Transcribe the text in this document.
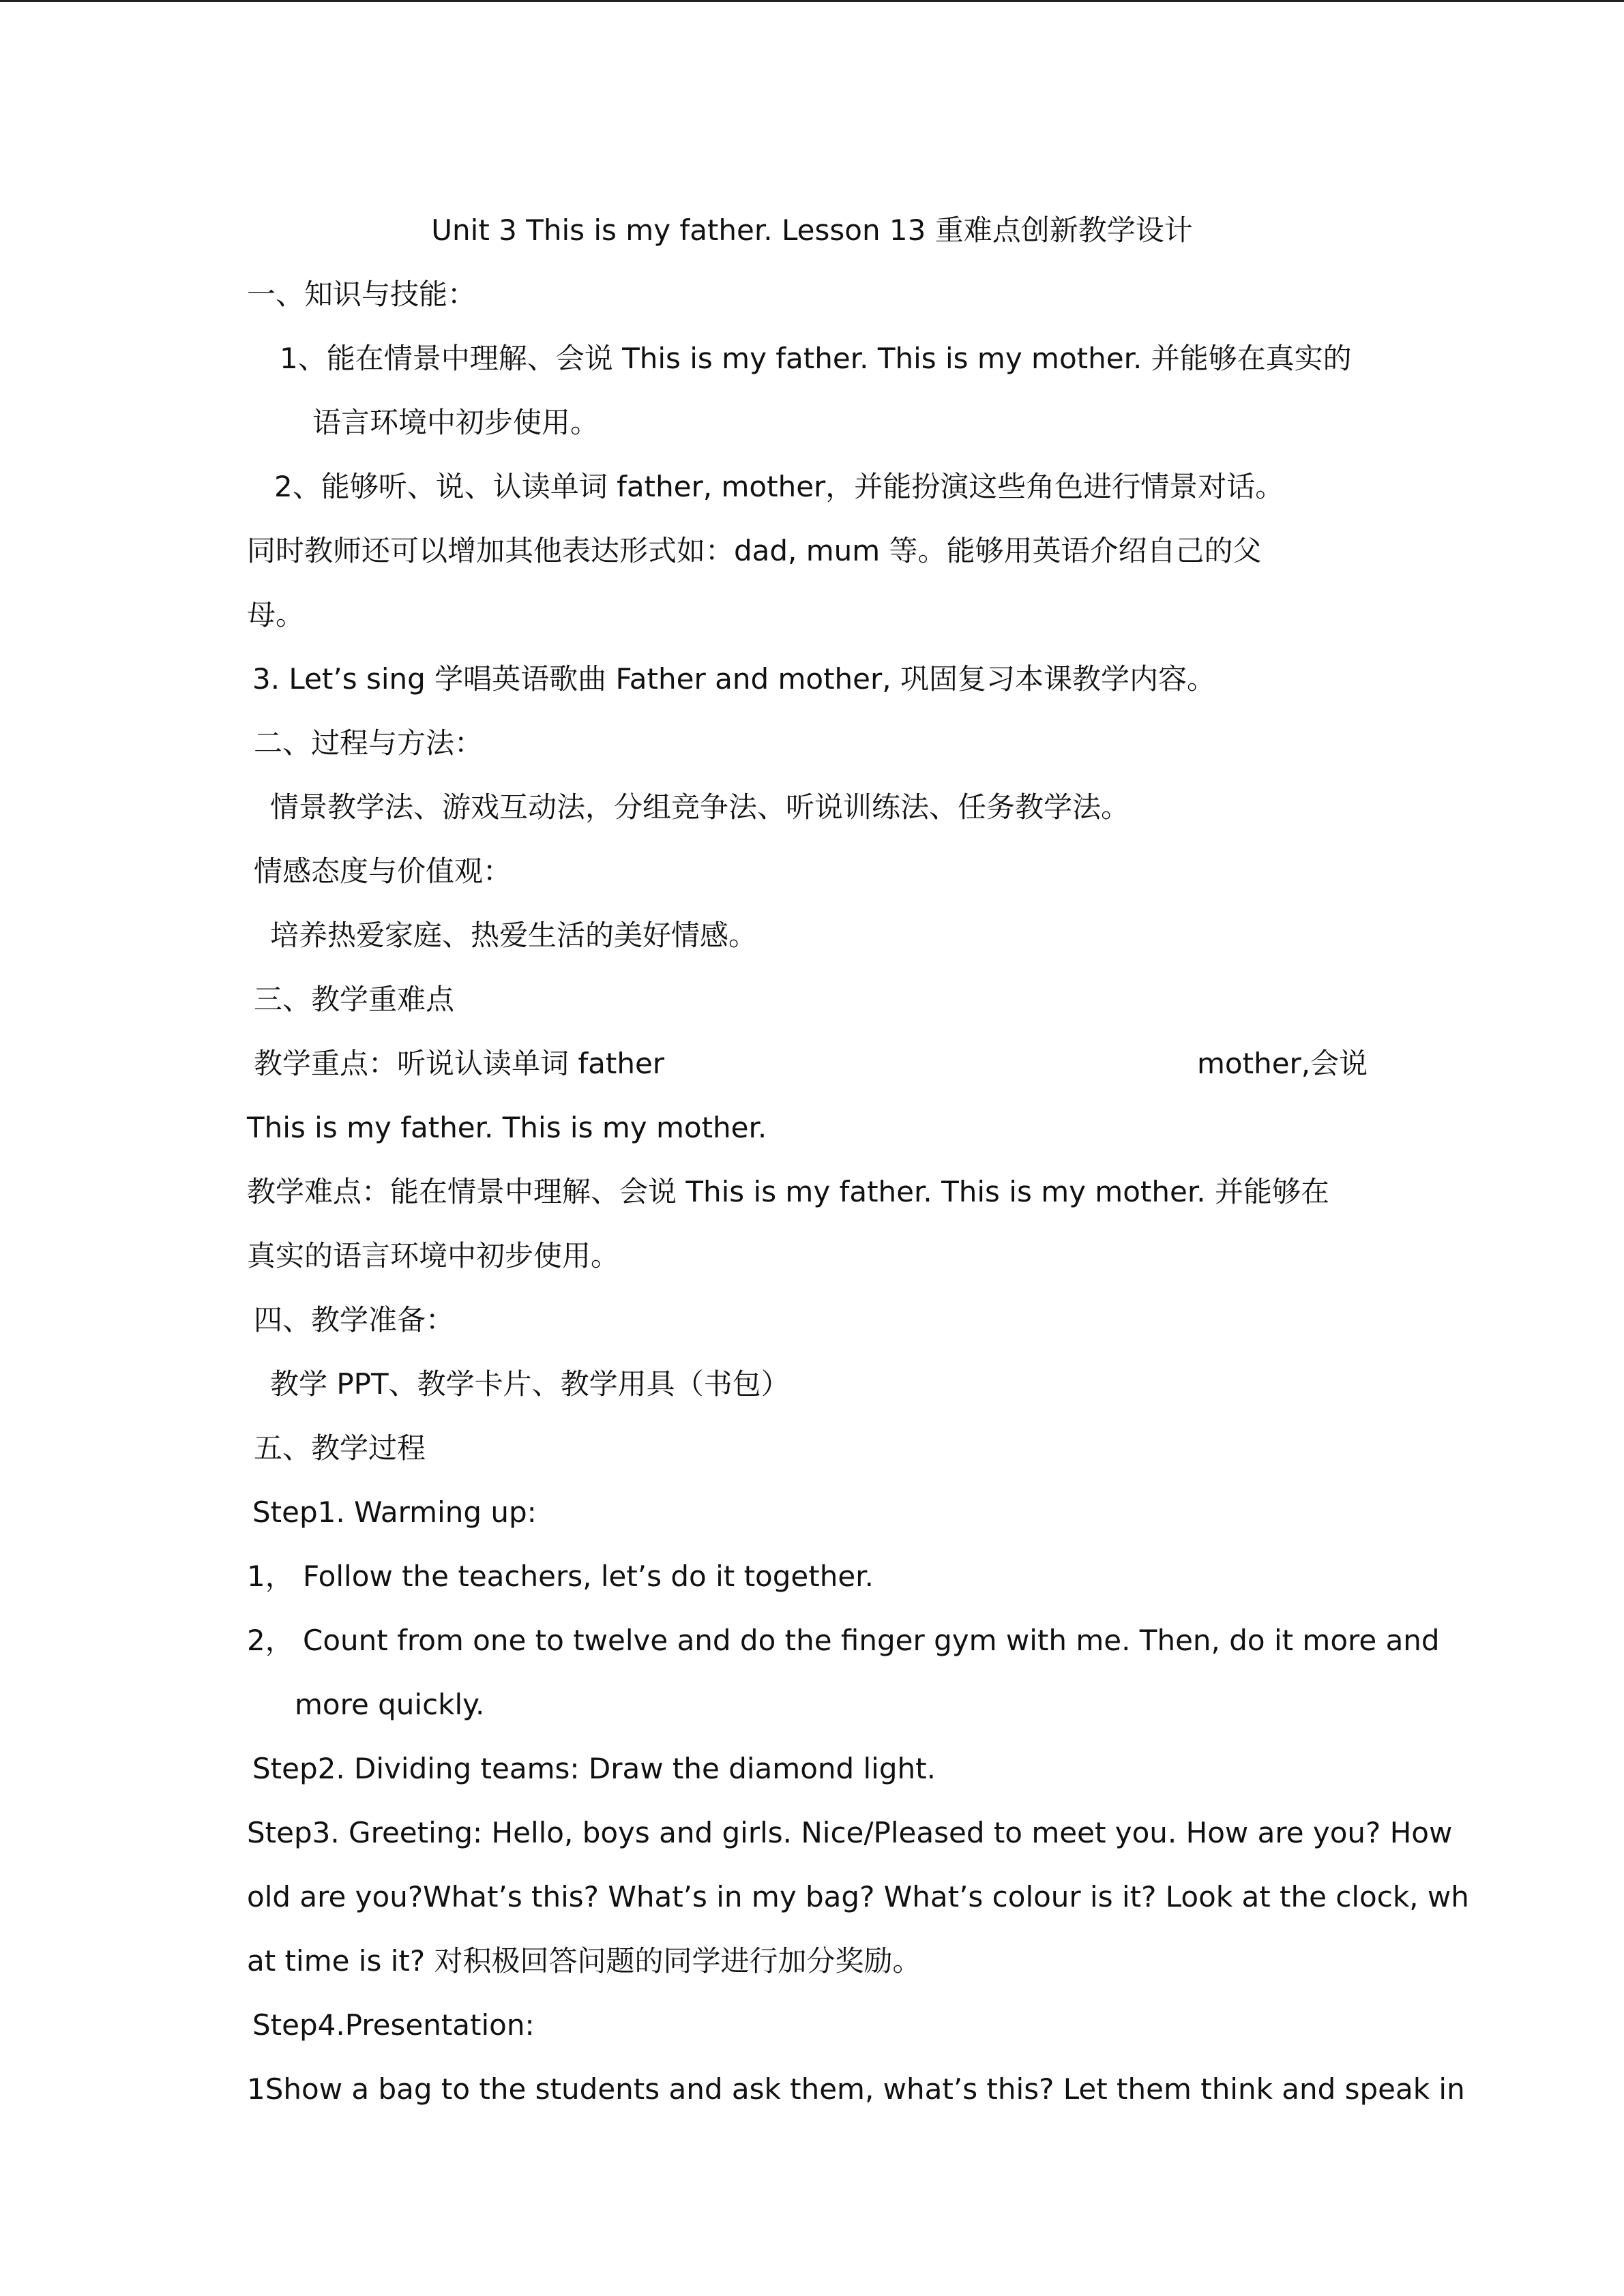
Unit 3 This is my father. Lesson 13 重难点创新教学设计
一、知识与技能：
1、能在情景中理解、会说 This is my father. This is my mother. 并能够在真实的
语言环境中初步使用。
2、能够听、说、认读单词 father, mother，并能扮演这些角色进行情景对话。
同时教师还可以增加其他表达形式如：dad, mum 等。能够用英语介绍自己的父
母。
3. Let’s sing 学唱英语歌曲 Father and mother, 巩固复习本课教学内容。
二、过程与方法：
情景教学法、游戏互动法，分组竞争法、听说训练法、任务教学法。
情感态度与价值观：
培养热爱家庭、热爱生活的美好情感。
三、教学重难点
教学重点：听说认读单词 father	mother,会说
This is my father. This is my mother.
教学难点：能在情景中理解、会说 This is my father. This is my mother. 并能够在
真实的语言环境中初步使用。
四、教学准备：
教学 PPT、教学卡片、教学用具（书包）
五、教学过程
Step1. Warming up:
1， Follow the teachers, let’s do it together.
2， Count from one to twelve and do the finger gym with me. Then, do it more and
more quickly.
Step2. Dividing teams: Draw the diamond light.
Step3. Greeting: Hello, boys and girls. Nice/Pleased to meet you. How are you? How
old are you?What’s this? What’s in my bag? What’s colour is it? Look at the clock, wh
at time is it? 对积极回答问题的同学进行加分奖励。
Step4.Presentation:
1Show a bag to the students and ask them, what’s this? Let them think and speak in
